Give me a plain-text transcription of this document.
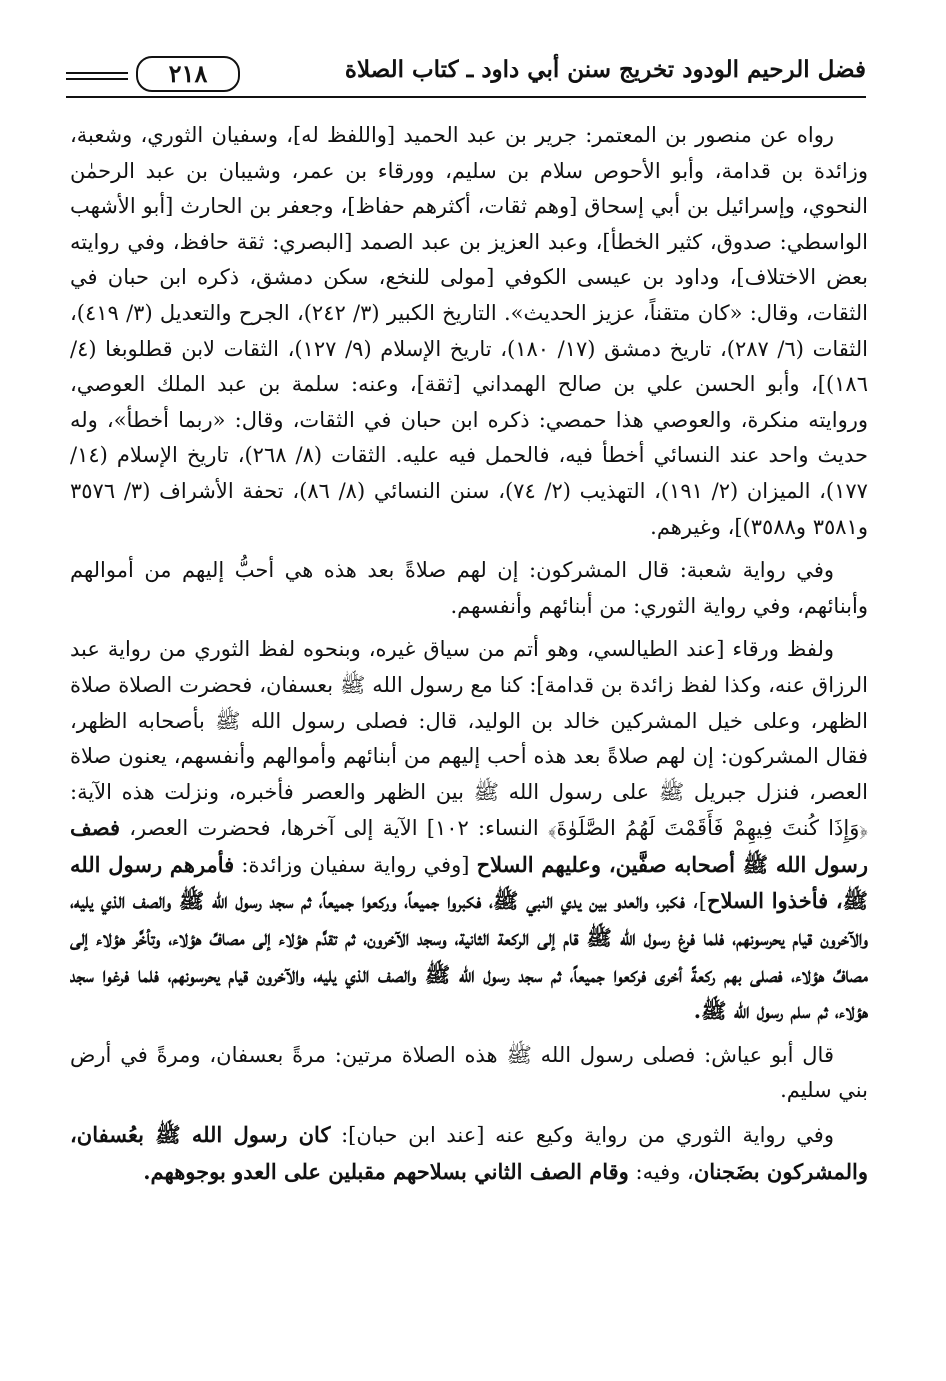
فضل الرحيم الودود تخريج سنن أبي داود ـ كتاب الصلاة
٢١٨
رواه عن منصور بن المعتمر: جرير بن عبد الحميد [واللفظ له]، وسفيان الثوري، وشعبة، وزائدة بن قدامة، وأبو الأحوص سلام بن سليم، وورقاء بن عمر، وشيبان بن عبد الرحمٰن النحوي، وإسرائيل بن أبي إسحاق [وهم ثقات، أكثرهم حفاظ]، وجعفر بن الحارث [أبو الأشهب الواسطي: صدوق، كثير الخطأ]، وعبد العزيز بن عبد الصمد [البصري: ثقة حافظ، وفي روايته بعض الاختلاف]، وداود بن عيسى الكوفي [مولى للنخع، سكن دمشق، ذكره ابن حبان في الثقات، وقال: «كان متقناً، عزيز الحديث». التاريخ الكبير (٣/ ٢٤٢)، الجرح والتعديل (٣/ ٤١٩)، الثقات (٦/ ٢٨٧)، تاريخ دمشق (١٧/ ١٨٠)، تاريخ الإسلام (٩/ ١٢٧)، الثقات لابن قطلوبغا (٤/ ١٨٦)]، وأبو الحسن علي بن صالح الهمداني [ثقة]، وعنه: سلمة بن عبد الملك العوصي، وروايته منكرة، والعوصي هذا حمصي: ذكره ابن حبان في الثقات، وقال: «ربما أخطأ»، وله حديث واحد عند النسائي أخطأ فيه، فالحمل فيه عليه. الثقات (٨/ ٢٦٨)، تاريخ الإسلام (١٤/ ١٧٧)، الميزان (٢/ ١٩١)، التهذيب (٢/ ٧٤)، سنن النسائي (٨/ ٨٦)، تحفة الأشراف (٣/ ٣٥٧٦ و٣٥٨١ و٣٥٨٨)]، وغيرهم.
وفي رواية شعبة: قال المشركون: إن لهم صلاةً بعد هذه هي أحبُّ إليهم من أموالهم وأبنائهم، وفي رواية الثوري: من أبنائهم وأنفسهم.
ولفظ ورقاء [عند الطيالسي، وهو أتم من سياق غيره، وبنحوه لفظ الثوري من رواية عبد الرزاق عنه، وكذا لفظ زائدة بن قدامة]: كنا مع رسول الله ﷺ بعسفان، فحضرت الصلاة صلاة الظهر، وعلى خيل المشركين خالد بن الوليد، قال: فصلى رسول الله ﷺ بأصحابه الظهر، فقال المشركون: إن لهم صلاةً بعد هذه أحب إليهم من أبنائهم وأموالهم وأنفسهم، يعنون صلاة العصر، فنزل جبريل ﷺ على رسول الله ﷺ بين الظهر والعصر فأخبره، ونزلت هذه الآية: ﴿وَإِذَا كُنتَ فِيهِمْ فَأَقَمْتَ لَهُمُ الصَّلَوٰةَ﴾ النساء: ١٠٢] الآية إلى آخرها، فحضرت العصر، فصف رسول الله ﷺ أصحابه صفَّين، وعليهم السلاح [وفي رواية سفيان وزائدة: فأمرهم رسول الله ﷺ، فأخذوا السلاح]، فكبر، والعدو بين يدي النبي ﷺ، فكبروا جميعاً، وركعوا جميعاً، ثم سجد رسول الله ﷺ والصف الذي يليه، والآخرون قيام يحرسونهم، فلما فرغ رسول الله ﷺ قام إلى الركعة الثانية، وسجد الآخرون، ثم تقدَّم هؤلاء إلى مصافِّ هؤلاء، وتأخَّر هؤلاء إلى مصافِّ هؤلاء، فصلى بهم ركعةً أخرى فركعوا جميعاً، ثم سجد رسول الله ﷺ والصف الذي يليه، والآخرون قيام يحرسونهم، فلما فرغوا سجد هؤلاء، ثم سلم رسول الله ﷺ.
قال أبو عياش: فصلى رسول الله ﷺ هذه الصلاة مرتين: مرةً بعسفان، ومرةً في أرض بني سليم.
وفي رواية الثوري من رواية وكيع عنه [عند ابن حبان]: كان رسول الله ﷺ بعُسفان، والمشركون بضَجنان، وفيه: وقام الصف الثاني بسلاحهم مقبلين على العدو بوجوههم.
